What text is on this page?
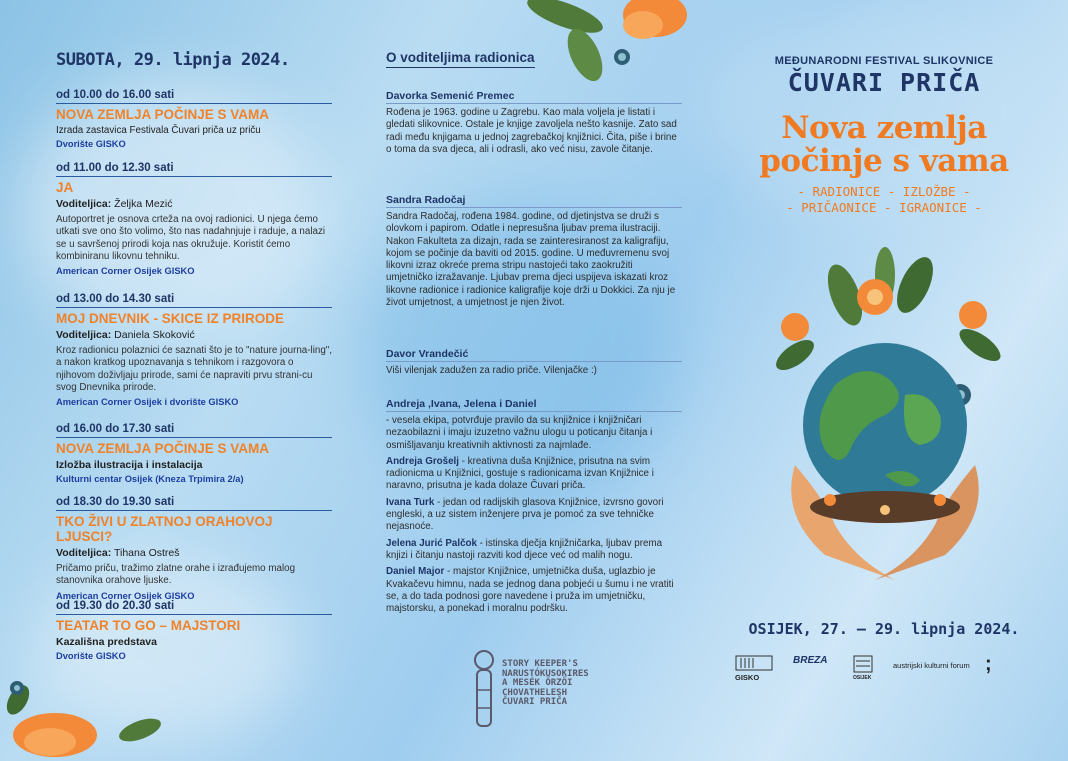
SUBOTA, 29. lipnja 2024.
od 10.00 do 16.00 sati
NOVA ZEMLJA POČINJE S VAMA
Izrada zastavica Festivala Čuvari priča uz priču
Dvorište GISKO
od 11.00 do 12.30 sati
JA
Voditeljica: Željka Mezić
Autoportret je osnova crteža na ovoj radionici. U njega ćemo utkati sve ono što volimo, što nas nadahnjuje i raduje, a nalazi se u savršenoj prirodi koja nas okružuje. Koristit ćemo kombiniranu likovnu tehniku.
American Corner Osijek GISKO
od 13.00 do 14.30 sati
MOJ DNEVNIK - SKICE IZ PRIRODE
Voditeljica: Daniela Skoković
Kroz radionicu polaznici će saznati što je to "nature journa-ling", a nakon kratkog upoznavanja s tehnikom i razgovora o njihovom doživljaju prirode, sami će napraviti prvu strani-cu svog Dnevnika prirode.
American Corner Osijek i dvorište GISKO
od 16.00 do 17.30 sati
NOVA ZEMLJA POČINJE S VAMA
Izložba ilustracija i instalacija
Kulturni centar Osijek (Kneza Trpimira 2/a)
od 18.30 do 19.30 sati
TKO ŽIVI U ZLATNOJ ORAHOVOJ LJUSCI?
Voditeljica: Tihana Ostreš
Pričamo priču, tražimo zlatne orahe i izrađujemo malog stanovnika orahove ljuske.
American Corner Osijek GISKO
od 19.30 do 20.30 sati
TEATAR TO GO – MAJSTORI
Kazališna predstava
Dvorište GISKO
O voditeljima radionica
Davorka Semenić Premec
Rođena je 1963. godine u Zagrebu. Kao mala voljela je listati i gledati slikovnice. Ostale je knjige zavoljela nešto kasnije. Zato sad radi među knjigama u jednoj zagrebačkoj knjižnici. Čita, piše i brine o toma da sva djeca, ali i odrasli, ako već nisu, zavole čitanje.
Sandra Radočaj
Sandra Radočaj, rođena 1984. godine, od djetinjstva se druži s olovkom i papirom. Odatle i nepresušna ljubav prema ilustraciji. Nakon Fakulteta za dizajn, rada se zainteresiranost za kaligrafiju, kojom se počinje da baviti od 2015. godine. U međuvremenu svoj likovni izraz okreće prema stripu nastojeći tako zaokružiti umjetničko izražavanje. Ljubav prema djeci uspijeva iskazati kroz likovne radionice i radionice kaligrafije koje drži u Dokkici. Za nju je život umjetnost, a umjetnost je njen život.
Davor Vrandečić
Viši vilenjak zadužen za radio priče. Vilenjačke :)
Andreja ,Ivana, Jelena i Daniel
- vesela ekipa, potvrđuje pravilo da su knjižnice i knjižničari nezaobilazni i imaju izuzetno važnu ulogu u poticanju čitanja i osmišljavanju kreativnih aktivnosti za najmlađe.
Andreja Grošelj - kreativna duša Knjižnice, prisutna na svim radionicma u Knjižnici, gostuje s radionicama izvan Knjižnice i naravno, prisutna je kada dolaze Čuvari priča.
Ivana Turk - jedan od radijskih glasova Knjižnice, izvrsno govori engleski, a uz sistem inženjere prva je pomoć za sve tehničke nejasnoće.
Jelena Jurić Palčok - istinska dječja knjižničarka, ljubav prema knjizi i čitanju nastoji razviti kod djece već od malih nogu.
Daniel Major - majstor Knjižnice, umjetnička duša, uglazbio je Kvakačevu himnu, nada se jednog dana pobjeći u šumu i ne vratiti se, a do tada podnosi gore navedene i pruža im umjetničku, majstorsku, a ponekad i moralnu podršku.
STORY KEEPER'S
NARUSTÓKUSOKIRES
A MESÉK ŐRZŐI
CHOVATHELESH
ČUVARI PRIČA
MEĐUNARODNI FESTIVAL SLIKOVNICE
ČUVARI PRIČA
Nova zemlja
počinje s vama
- RADIONICE - IZLOŽBE -
- PRIČAONICE - IGRAONICE -
OSIJEK, 27. – 29. lipnja 2024.
GISKO
BREZA
OSIJEK
austrijski kulturni forum ;
